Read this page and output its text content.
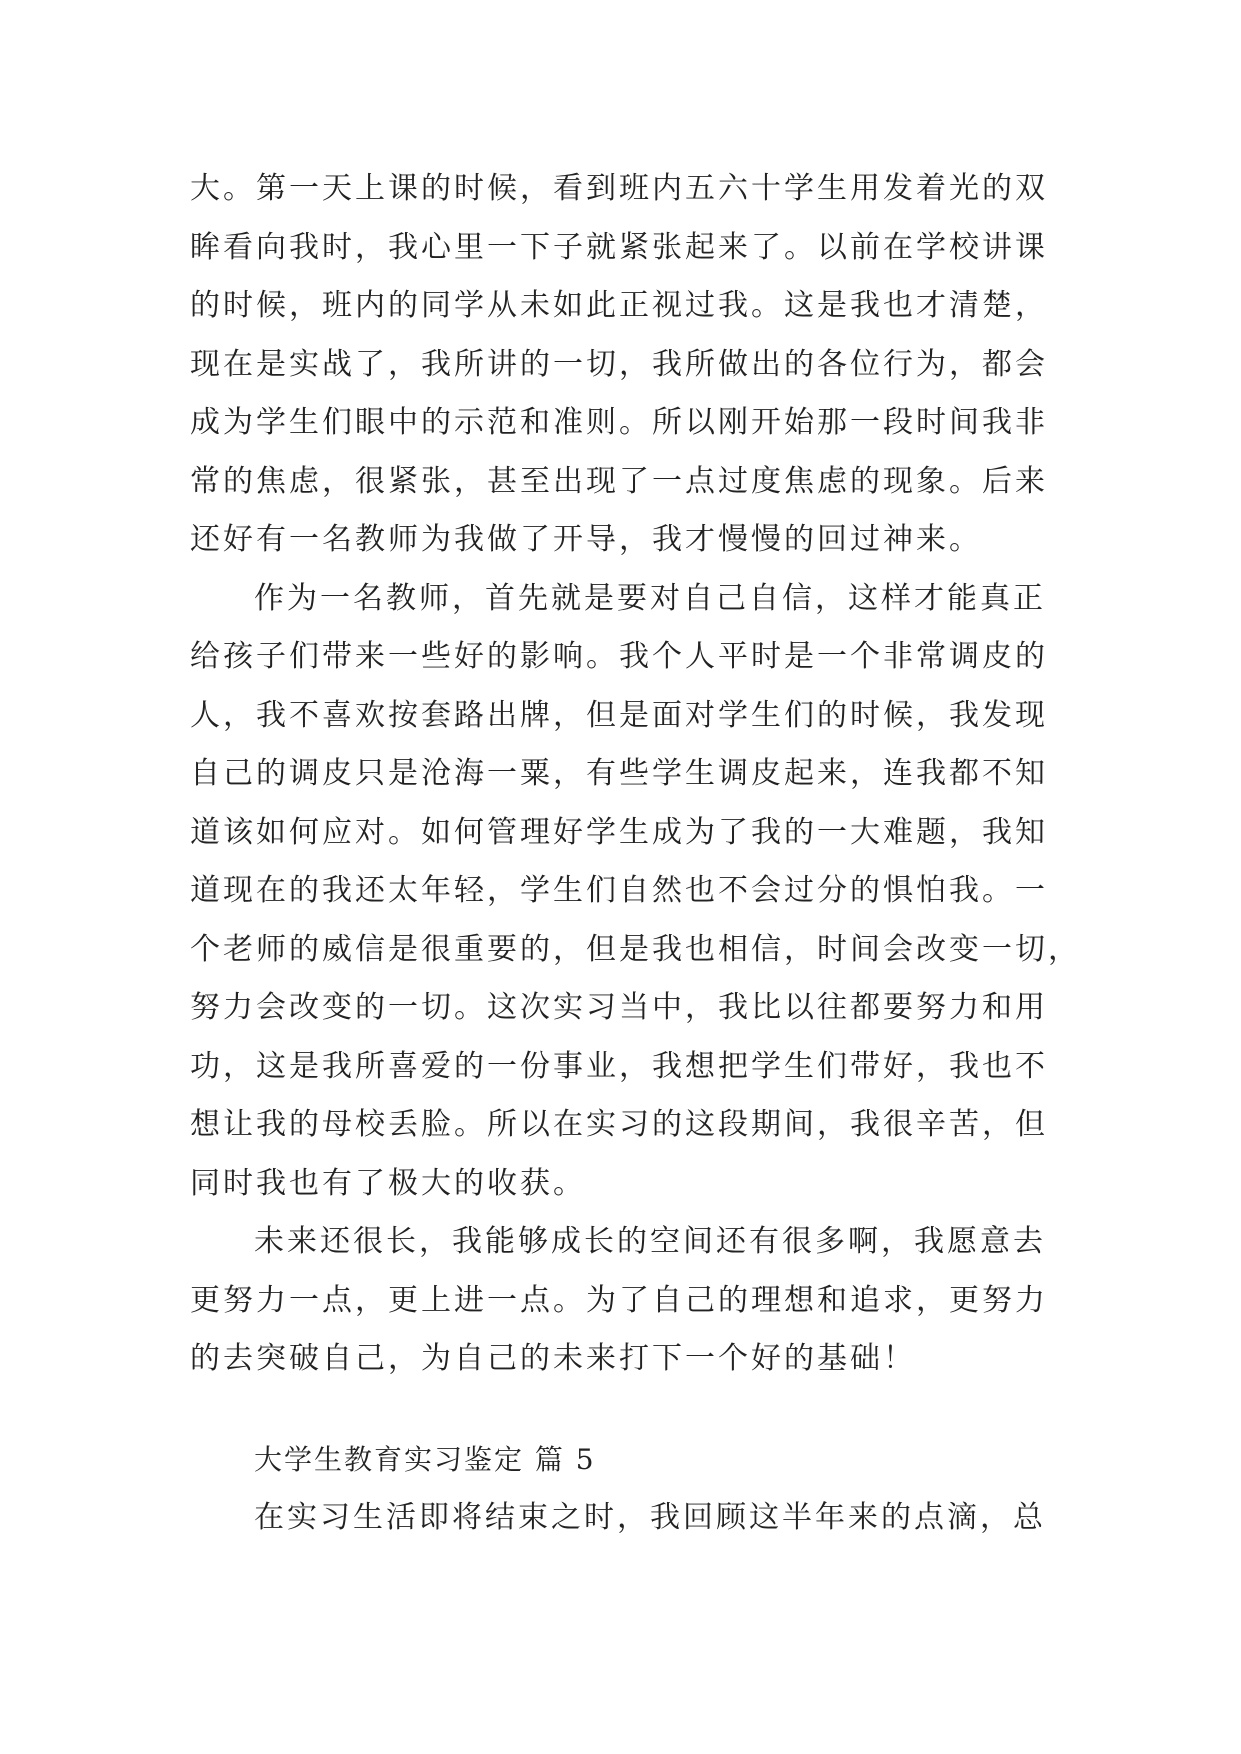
大。第一天上课的时候，看到班内五六十学生用发着光的双
眸看向我时，我心里一下子就紧张起来了。以前在学校讲课
的时候，班内的同学从未如此正视过我。这是我也才清楚，
现在是实战了，我所讲的一切，我所做出的各位行为，都会
成为学生们眼中的示范和准则。所以刚开始那一段时间我非
常的焦虑，很紧张，甚至出现了一点过度焦虑的现象。后来
还好有一名教师为我做了开导，我才慢慢的回过神来。
作为一名教师，首先就是要对自己自信，这样才能真正
给孩子们带来一些好的影响。我个人平时是一个非常调皮的
人，我不喜欢按套路出牌，但是面对学生们的时候，我发现
自己的调皮只是沧海一粟，有些学生调皮起来，连我都不知
道该如何应对。如何管理好学生成为了我的一大难题，我知
道现在的我还太年轻，学生们自然也不会过分的惧怕我。一
个老师的威信是很重要的，但是我也相信，时间会改变一切，
努力会改变的一切。这次实习当中，我比以往都要努力和用
功，这是我所喜爱的一份事业，我想把学生们带好，我也不
想让我的母校丢脸。所以在实习的这段期间，我很辛苦，但
同时我也有了极大的收获。
未来还很长，我能够成长的空间还有很多啊，我愿意去
更努力一点，更上进一点。为了自己的理想和追求，更努力
的去突破自己，为自己的未来打下一个好的基础！
大学生教育实习鉴定 篇 5
在实习生活即将结束之时，我回顾这半年来的点滴，总
